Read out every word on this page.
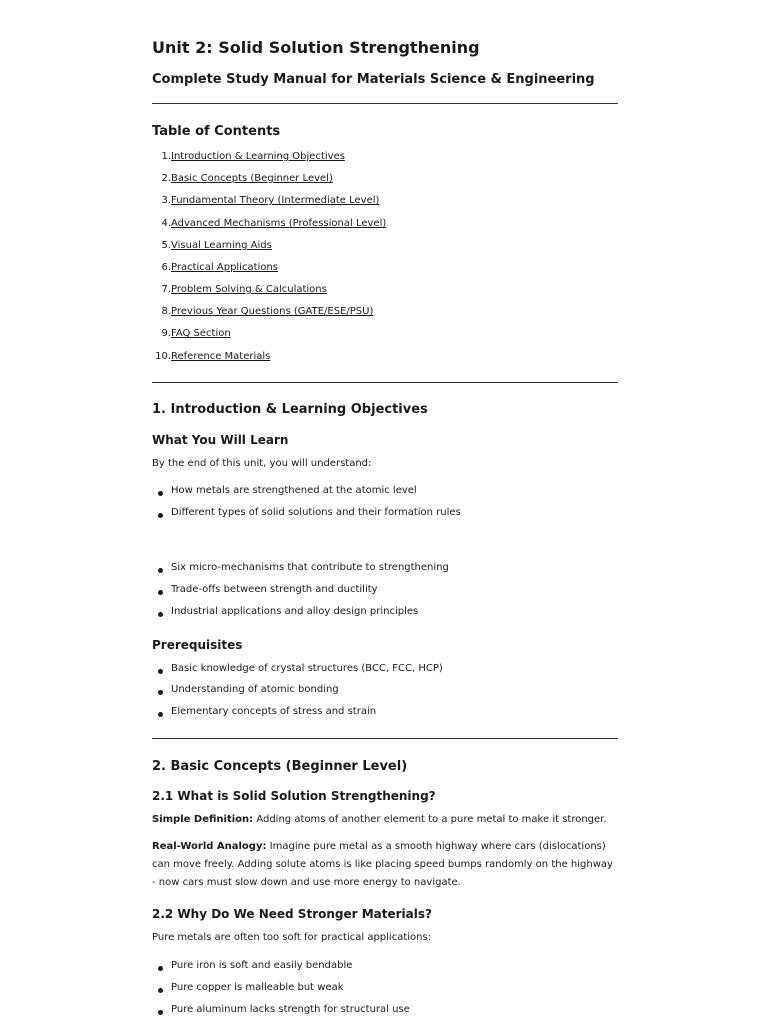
Unit 2: Solid Solution Strengthening
Complete Study Manual for Materials Science & Engineering
Table of Contents
1.Introduction & Learning Objectives
2.Basic Concepts (Beginner Level)
3.Fundamental Theory (Intermediate Level)
4.Advanced Mechanisms (Professional Level)
5.Visual Learning Aids
6.Practical Applications
7.Problem Solving & Calculations
8.Previous Year Questions (GATE/ESE/PSU)
9.FAQ Section
10.Reference Materials
1. Introduction & Learning Objectives
What You Will Learn
By the end of this unit, you will understand:
How metals are strengthened at the atomic level
Different types of solid solutions and their formation rules
Six micro-mechanisms that contribute to strengthening
Trade-offs between strength and ductility
Industrial applications and alloy design principles
Prerequisites
Basic knowledge of crystal structures (BCC, FCC, HCP)
Understanding of atomic bonding
Elementary concepts of stress and strain
2. Basic Concepts (Beginner Level)
2.1 What is Solid Solution Strengthening?
Simple Definition: Adding atoms of another element to a pure metal to make it stronger.
Real-World Analogy: Imagine pure metal as a smooth highway where cars (dislocations) can move freely. Adding solute atoms is like placing speed bumps randomly on the highway - now cars must slow down and use more energy to navigate.
2.2 Why Do We Need Stronger Materials?
Pure metals are often too soft for practical applications:
Pure iron is soft and easily bendable
Pure copper is malleable but weak
Pure aluminum lacks strength for structural use
